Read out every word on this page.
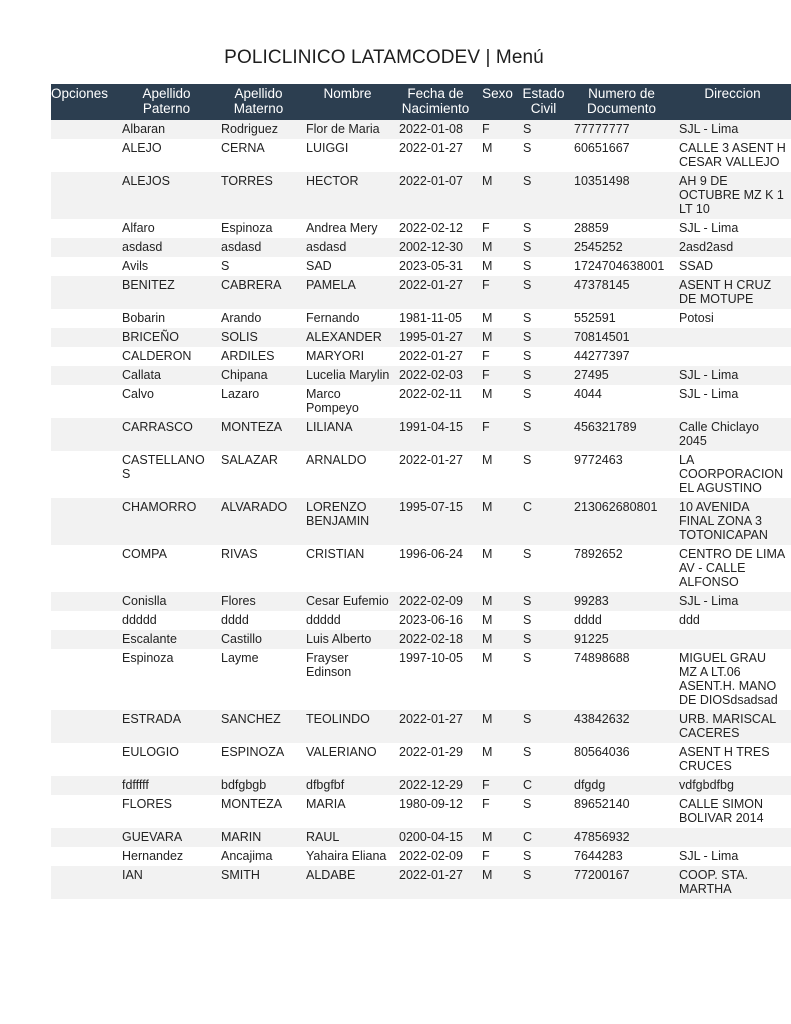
POLICLINICO LATAMCODEV | Menú
Opciones	Apellido Paterno	Apellido Materno	Nombre	Fecha de Nacimiento	Sexo	Estado Civil	Numero de Documento	Direccion
	Albaran	Rodriguez	Flor de Maria	2022-01-08	F	S	77777777	SJL - Lima
	ALEJO	CERNA	LUIGGI	2022-01-27	M	S	60651667	CALLE 3 ASENT H CESAR VALLEJO
	ALEJOS	TORRES	HECTOR	2022-01-07	M	S	10351498	AH 9 DE OCTUBRE MZ K 1 LT 10
	Alfaro	Espinoza	Andrea Mery	2022-02-12	F	S	28859	SJL - Lima
	asdasd	asdasd	asdasd	2002-12-30	M	S	2545252	2asd2asd
	Avils	S	SAD	2023-05-31	M	S	1724704638001	SSAD
	BENITEZ	CABRERA	PAMELA	2022-01-27	F	S	47378145	ASENT H CRUZ DE MOTUPE
	Bobarin	Arando	Fernando	1981-11-05	M	S	552591	Potosi
	BRICEÑO	SOLIS	ALEXANDER	1995-01-27	M	S	70814501	
	CALDERON	ARDILES	MARYORI	2022-01-27	F	S	44277397	
	Callata	Chipana	Lucelia Marylin	2022-02-03	F	S	27495	SJL - Lima
	Calvo	Lazaro	Marco Pompeyo	2022-02-11	M	S	4044	SJL - Lima
	CARRASCO	MONTEZA	LILIANA	1991-04-15	F	S	456321789	Calle Chiclayo 2045
	CASTELLANOS	SALAZAR	ARNALDO	2022-01-27	M	S	9772463	LA COORPORACION EL AGUSTINO
	CHAMORRO	ALVARADO	LORENZO BENJAMIN	1995-07-15	M	C	213062680801	10 AVENIDA FINAL ZONA 3 TOTONICAPAN
	COMPA	RIVAS	CRISTIAN	1996-06-24	M	S	7892652	CENTRO DE LIMA AV - CALLE ALFONSO
	Conislla	Flores	Cesar Eufemio	2022-02-09	M	S	99283	SJL - Lima
	ddddd	dddd	ddddd	2023-06-16	M	S	dddd	ddd
	Escalante	Castillo	Luis Alberto	2022-02-18	M	S	91225	
	Espinoza	Layme	Frayser Edinson	1997-10-05	M	S	74898688	MIGUEL GRAU MZ A LT.06 ASENT.H. MANO DE DIOSdsadsad
	ESTRADA	SANCHEZ	TEOLINDO	2022-01-27	M	S	43842632	URB. MARISCAL CACERES
	EULOGIO	ESPINOZA	VALERIANO	2022-01-29	M	S	80564036	ASENT H TRES CRUCES
	fdfffff	bdfgbgb	dfbgfbf	2022-12-29	F	C	dfgdg	vdfgbdfbg
	FLORES	MONTEZA	MARIA	1980-09-12	F	S	89652140	CALLE SIMON BOLIVAR 2014
	GUEVARA	MARIN	RAUL	0200-04-15	M	C	47856932	
	Hernandez	Ancajima	Yahaira Eliana	2022-02-09	F	S	7644283	SJL - Lima
	IAN	SMITH	ALDABE	2022-01-27	M	S	77200167	COOP. STA. MARTHA
